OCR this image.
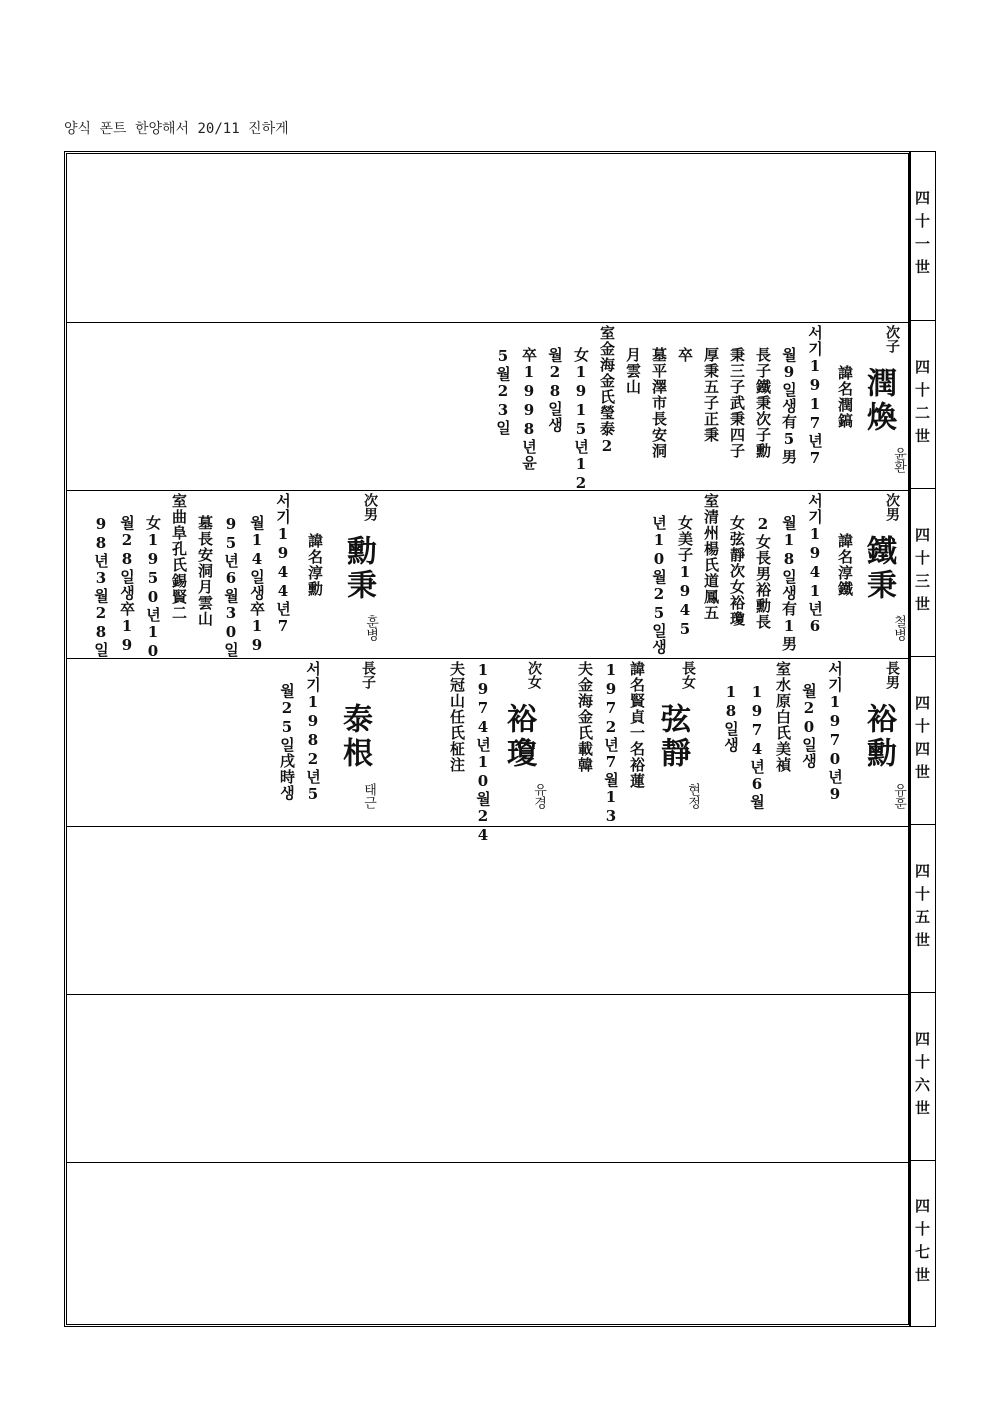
양식 폰트 한양해서 20/11 진하게
次子
潤煥
윤환
諱名潤鎬
서기1917년7
월9일생有5男
長子鐵秉次子勳
秉三子武秉四子
厚秉五子正秉
卒
墓平澤市長安洞
月雲山
室金海金氏瑩泰2
女1915년12
월28일생
卒1998년윤
5월23일
次男
鐵秉
철병
諱名淳鐵
서기1941년6
월18일생有1男
2女長男裕勳長
女弦靜次女裕瓊
室清州楊氏道鳳五
女美子1945
년10월25일생
次男
勳秉
훈병
諱名淳勳
서기1944년7
월14일생卒19
95년6월30일
墓長安洞月雲山
室曲阜孔氏錫賢二
女1950년10
월28일생卒19
98년3월28일
長男
裕勳
유훈
서기1970년9
월20일생
室水原白氏美禎
1974년6월
18일생
長女
弦靜
현정
諱名賢貞一名裕蓮
1972년7월13
夫金海金氏載韓
次女
裕瓊
유경
1974년10월24
夫冠山任氏柾注
長子
泰根
태근
서기1982년5
월25일戌時생
四十一世
四十二世
四十三世
四十四世
四十五世
四十六世
四十七世
